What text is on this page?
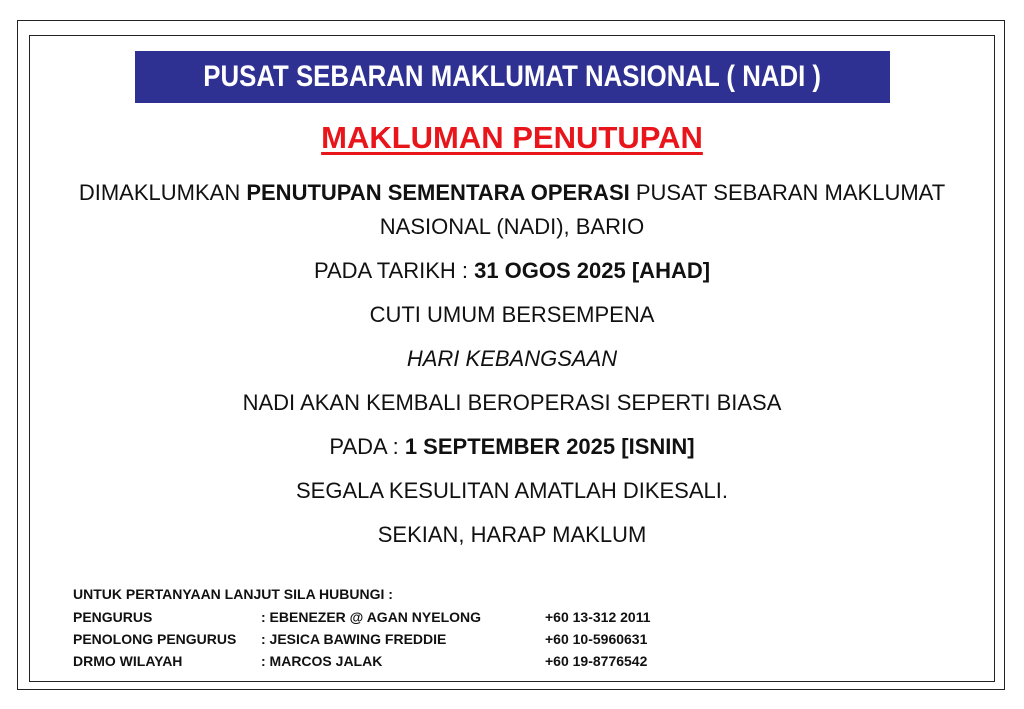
PUSAT SEBARAN MAKLUMAT NASIONAL ( NADI )
MAKLUMAN PENUTUPAN
DIMAKLUMKAN PENUTUPAN SEMENTARA OPERASI PUSAT SEBARAN MAKLUMAT
NASIONAL (NADI), BARIO
PADA TARIKH : 31 OGOS 2025 [AHAD]
CUTI UMUM BERSEMPENA
HARI KEBANGSAAN
NADI AKAN KEMBALI BEROPERASI SEPERTI BIASA
PADA : 1 SEPTEMBER 2025 [ISNIN]
SEGALA KESULITAN AMATLAH DIKESALI.
SEKIAN, HARAP MAKLUM
UNTUK PERTANYAAN LANJUT SILA HUBUNGI :
PENGURUS	: EBENEZER @ AGAN NYELONG	+60 13-312 2011
PENOLONG PENGURUS : JESICA BAWING FREDDIE	+60 10-5960631
DRMO WILAYAH	: MARCOS JALAK	+60 19-8776542
